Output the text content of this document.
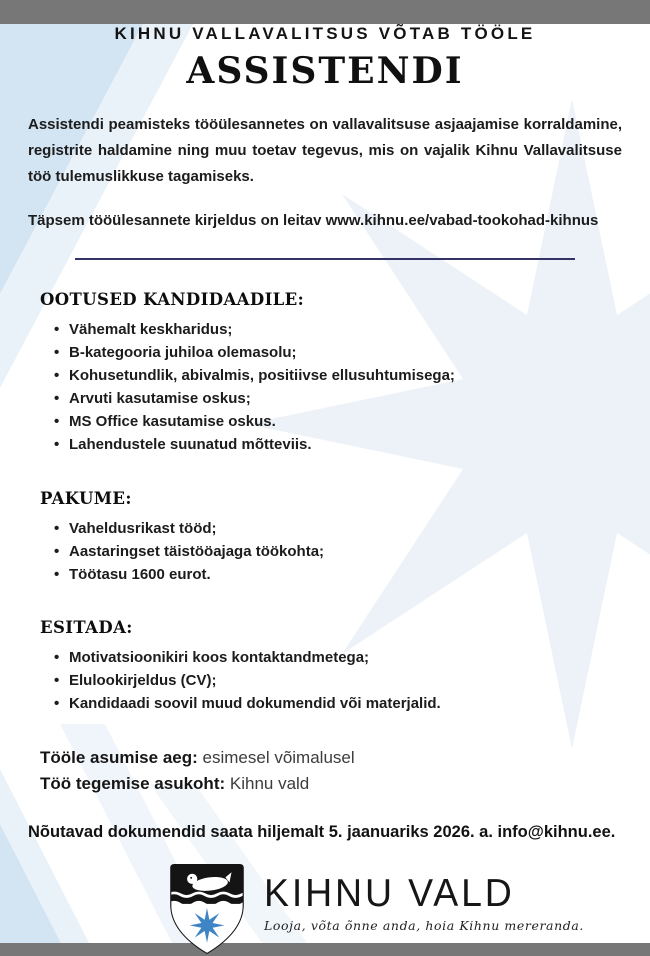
KIHNU VALLAVALITSUS VÕTAB TÖÖLE
ASSISTENDI

Assistendi peamisteks tööülesannetes on vallavalitsuse asjaajamise korraldamine, registrite haldamine ning muu toetav tegevus, mis on vajalik Kihnu Vallavalitsuse töö tulemuslikkuse tagamiseks.

Täpsem tööülesannete kirjeldus on leitav www.kihnu.ee/vabad-tookohad-kihnus

OOTUSED KANDIDAADILE:
• Vähemalt keskharidus;
• B-kategooria juhiloa olemasolu;
• Kohusetundlik, abivalmis, positiivse ellusuhtumisega;
• Arvuti kasutamise oskus;
• MS Office kasutamise oskus.
• Lahendustele suunatud mõtteviis.
PAKUME:
• Vaheldusrikast tööd;
• Aastaringset täistööajaga töökohta;
• Töötasu 1600 eurot.
ESITADA:
• Motivatsioonikiri koos kontaktandmetega;
• Elulookirjeldus (CV);
• Kandidaadi soovil muud dokumendid või materjalid.
Tööle asumise aeg: esimesel võimalusel
Töö tegemise asukoht: Kihnu vald

Nõutavad dokumendid saata hiljemalt 5. jaanuariks 2026. a. info@kihnu.ee.

KIHNU VALD
Looja, võta õnne anda, hoia Kihnu mereranda.
